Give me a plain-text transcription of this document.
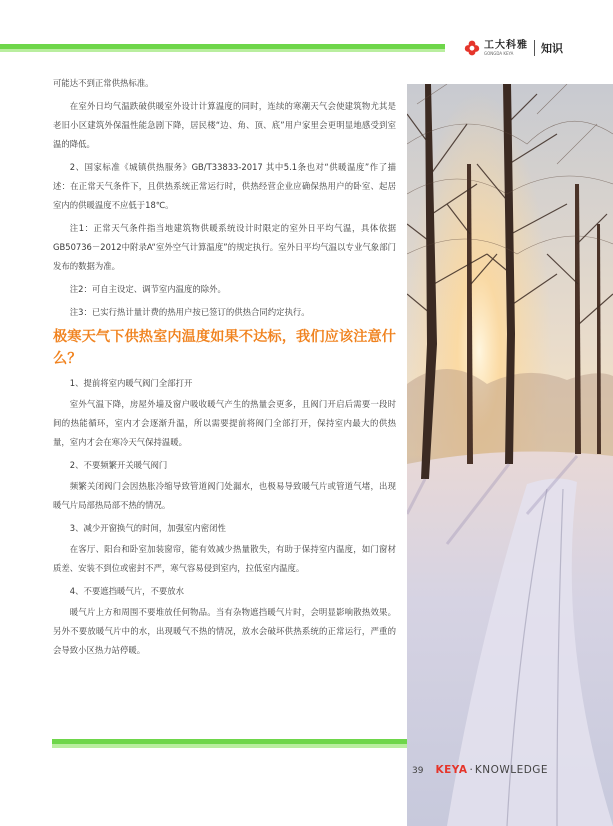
工大科雅
GONGDA KEYA	知识

可能达不到正常供热标准。

在室外日均气温跌破供暖室外设计计算温度的同时，连续的寒潮天气会使建筑物尤其是老旧小区建筑外保温性能急剧下降，居民楼“边、角、顶、底”用户家里会更明显地感受到室温的降低。

2、国家标准《城镇供热服务》GB/T33833-2017 其中5.1条也对“供暖温度”作了描述：在正常天气条件下，且供热系统正常运行时，供热经营企业应确保热用户的卧室、起居室内的供暖温度不应低于18℃。

注1：正常天气条件指当地建筑物供暖系统设计时限定的室外日平均气温，具体依据GB50736－2012中附录A“室外空气计算温度”的规定执行。室外日平均气温以专业气象部门发布的数据为准。

注2：可自主设定、调节室内温度的除外。

注3：已实行热计量计费的热用户按已签订的供热合同约定执行。

极寒天气下供热室内温度如果不达标，我们应该注意什么？

1、提前将室内暖气阀门全部打开

室外气温下降，房屋外墙及窗户吸收暖气产生的热量会更多，且阀门开启后需要一段时间的热能循环，室内才会逐渐升温，所以需要提前将阀门全部打开，保持室内最大的供热量，室内才会在寒冷天气保持温暖。

2、不要频繁开关暖气阀门

频繁关闭阀门会因热胀冷缩导致管道阀门处漏水，也极易导致暖气片或管道气堵，出现暖气片局部热局部不热的情况。

3、减少开窗换气的时间，加强室内密闭性

在客厅、阳台和卧室加装窗帘，能有效减少热量散失，有助于保持室内温度，如门窗材质差、安装不到位或密封不严，寒气容易侵到室内，拉低室内温度。

4、不要遮挡暖气片，不要放水

暖气片上方和周围不要堆放任何物品。当有杂物遮挡暖气片时，会明显影响散热效果。另外不要放暖气片中的水，出现暖气不热的情况，放水会破坏供热系统的正常运行，严重的会导致小区热力站停暖。

39 KEYA · KNOWLEDGE
